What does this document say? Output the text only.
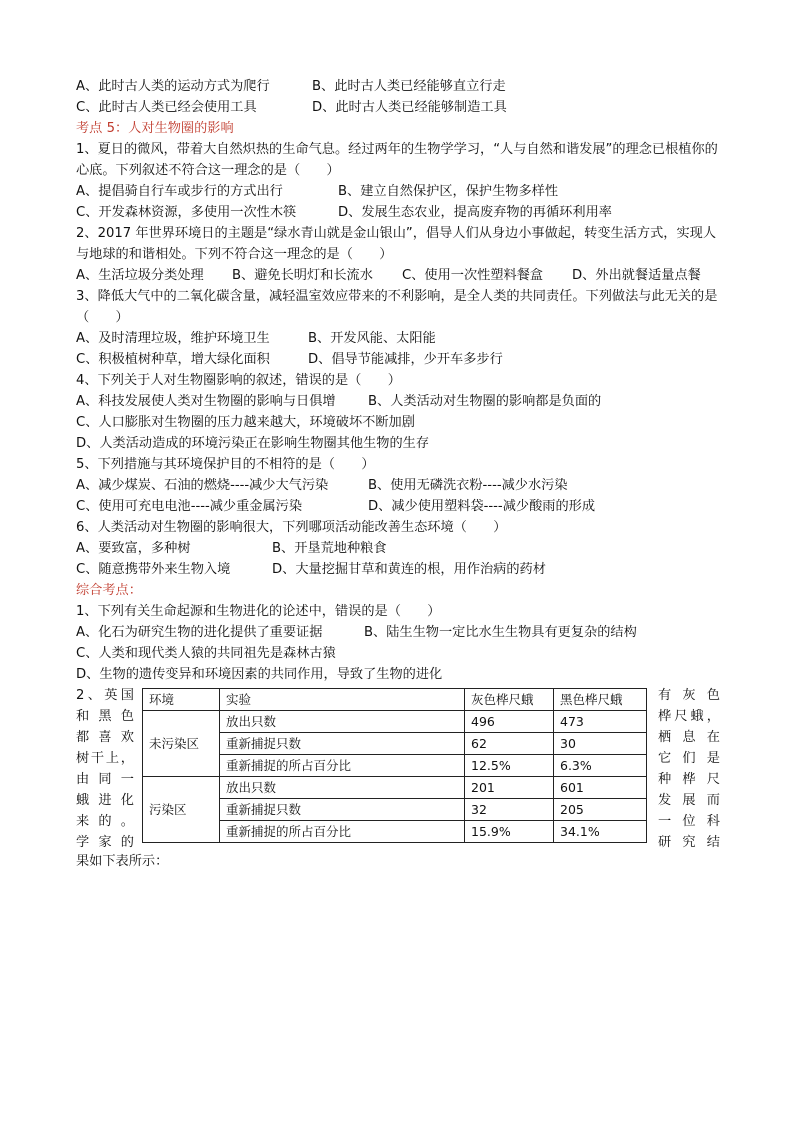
A、此时古人类的运动方式为爬行	B、此时古人类已经能够直立行走
C、此时古人类已经会使用工具	D、此时古人类已经能够制造工具
考点 5：人对生物圈的影响
1、夏日的微风，带着大自然炽热的生命气息。经过两年的生物学学习，“人与自然和谐发展”的理念已根植你的心底。下列叙述不符合这一理念的是（　　）
A、提倡骑自行车或步行的方式出行	B、建立自然保护区，保护生物多样性
C、开发森林资源，多使用一次性木筷	D、发展生态农业，提高废弃物的再循环利用率
2、2017 年世界环境日的主题是“绿水青山就是金山银山”，倡导人们从身边小事做起，转变生活方式，实现人与地球的和谐相处。下列不符合这一理念的是（　　）
A、生活垃圾分类处理 B、避免长明灯和长流水 C、使用一次性塑料餐盒 D、外出就餐适量点餐
3、降低大气中的二氧化碳含量，减轻温室效应带来的不利影响，是全人类的共同责任。下列做法与此无关的是（　　）
A、及时清理垃圾，维护环境卫生	B、开发风能、太阳能
C、积极植树种草，增大绿化面积	D、倡导节能减排，少开车多步行
4、下列关于人对生物圈影响的叙述，错误的是（　　）
A、科技发展使人类对生物圈的影响与日俱增 B、人类活动对生物圈的影响都是负面的
C、人口膨胀对生物圈的压力越来越大，环境破坏不断加剧
D、人类活动造成的环境污染正在影响生物圈其他生物的生存
5、下列措施与其环境保护目的不相符的是（　　）
A、减少煤炭、石油的燃烧----减少大气污染	B、使用无磷洗衣粉----减少水污染
C、使用可充电电池----减少重金属污染	D、减少使用塑料袋----减少酸雨的形成
6、人类活动对生物圈的影响很大，下列哪项活动能改善生态环境（　　）
A、要致富，多种树	B、开垦荒地种粮食
C、随意携带外来生物入境	D、大量挖掘甘草和黄连的根，用作治病的药材
综合考点：
1、下列有关生命起源和生物进化的论述中，错误的是（　　）
A、化石为研究生物的进化提供了重要证据	B、陆生生物一定比水生生物具有更复杂的结构
C、人类和现代类人猿的共同祖先是森林古猿
D、生物的遗传变异和环境因素的共同作用，导致了生物的进化
2、英国
和 黑 色
都 喜 欢
树干上，
由 同 一
蛾 进 化
来 的 。
学 家 的
环境	实验	灰色桦尺蛾	黑色桦尺蛾
未污染区	放出只数	496	473
	重新捕捉只数	62	30
	重新捕捉的所占百分比	12.5%	6.3%
污染区	放出只数	201	601
	重新捕捉只数	32	205
	重新捕捉的所占百分比	15.9%	34.1%
有 灰 色
桦尺蛾，
栖 息 在
它 们 是
种 桦 尺
发 展 而
一 位 科
研 究 结
果如下表所示：
